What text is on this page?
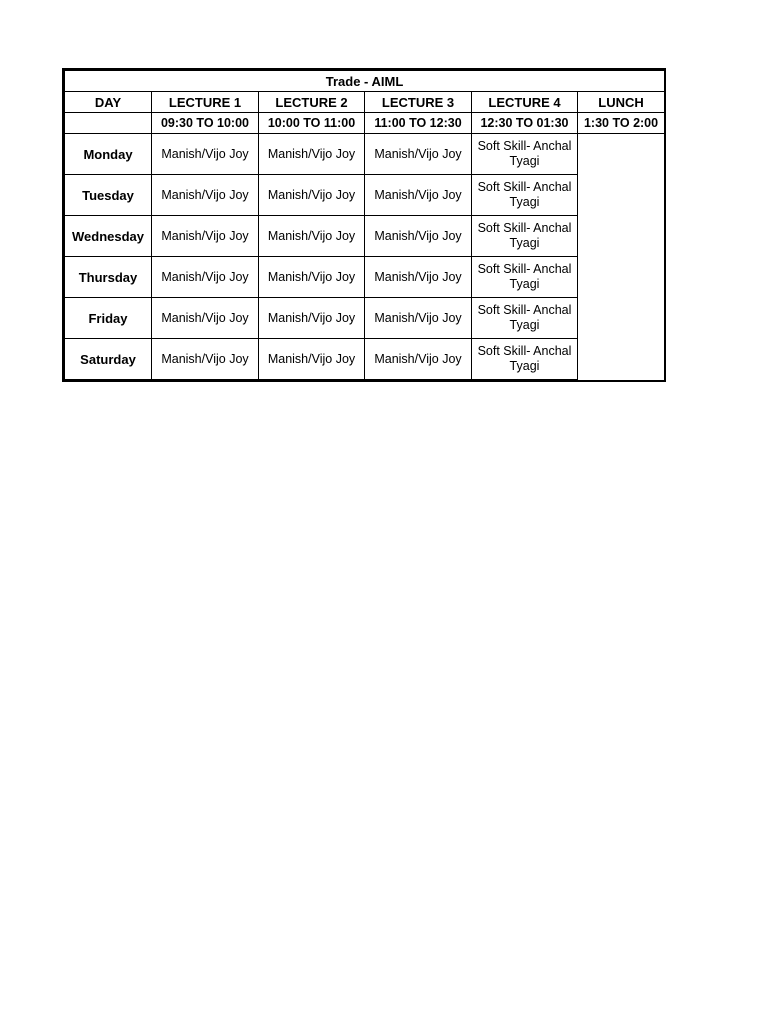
Trade - AIML					
DAY	LECTURE 1	LECTURE 2	LECTURE 3	LECTURE 4	LUNCH
	09:30 TO 10:00	10:00 TO 11:00	11:00 TO 12:30	12:30 TO 01:30	1:30 TO 2:00
Monday	Manish/Vijo Joy	Manish/Vijo Joy	Manish/Vijo Joy	Soft Skill- Anchal Tyagi	
Tuesday	Manish/Vijo Joy	Manish/Vijo Joy	Manish/Vijo Joy	Soft Skill- Anchal Tyagi	
Wednesday	Manish/Vijo Joy	Manish/Vijo Joy	Manish/Vijo Joy	Soft Skill- Anchal Tyagi	
Thursday	Manish/Vijo Joy	Manish/Vijo Joy	Manish/Vijo Joy	Soft Skill- Anchal Tyagi	
Friday	Manish/Vijo Joy	Manish/Vijo Joy	Manish/Vijo Joy	Soft Skill- Anchal Tyagi	
Saturday	Manish/Vijo Joy	Manish/Vijo Joy	Manish/Vijo Joy	Soft Skill- Anchal Tyagi	
